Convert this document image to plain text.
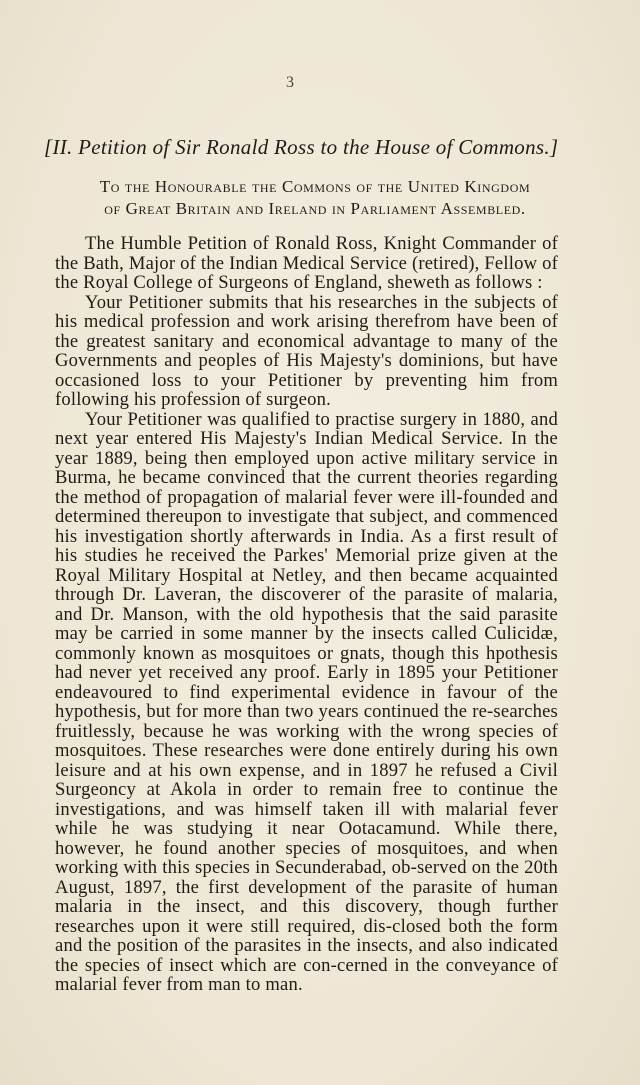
3
[II. Petition of Sir Ronald Ross to the House of Commons.]
To the Honourable the Commons of the United Kingdom
of Great Britain and Ireland in Parliament Assembled.

The Humble Petition of Ronald Ross, Knight Commander of the Bath, Major of the Indian Medical Service (retired), Fellow of the Royal College of Surgeons of England, sheweth as follows :

Your Petitioner submits that his researches in the subjects of his medical profession and work arising therefrom have been of the greatest sanitary and economical advantage to many of the Governments and peoples of His Majesty's dominions, but have occasioned loss to your Petitioner by preventing him from following his profession of surgeon.

Your Petitioner was qualified to practise surgery in 1880, and next year entered His Majesty's Indian Medical Service. In the year 1889, being then employed upon active military service in Burma, he became convinced that the current theories regarding the method of propagation of malarial fever were ill-founded and determined thereupon to investigate that subject, and commenced his investigation shortly afterwards in India. As a first result of his studies he received the Parkes' Memorial prize given at the Royal Military Hospital at Netley, and then became acquainted through Dr. Laveran, the discoverer of the parasite of malaria, and Dr. Manson, with the old hypothesis that the said parasite may be carried in some manner by the insects called Culicidæ, commonly known as mosquitoes or gnats, though this hpothesis had never yet received any proof. Early in 1895 your Petitioner endeavoured to find experimental evidence in favour of the hypothesis, but for more than two years continued the re-searches fruitlessly, because he was working with the wrong species of mosquitoes. These researches were done entirely during his own leisure and at his own expense, and in 1897 he refused a Civil Surgeoncy at Akola in order to remain free to continue the investigations, and was himself taken ill with malarial fever while he was studying it near Ootacamund. While there, however, he found another species of mosquitoes, and when working with this species in Secunderabad, ob-served on the 20th August, 1897, the first development of the parasite of human malaria in the insect, and this discovery, though further researches upon it were still required, dis-closed both the form and the position of the parasites in the insects, and also indicated the species of insect which are con-cerned in the conveyance of malarial fever from man to man.
